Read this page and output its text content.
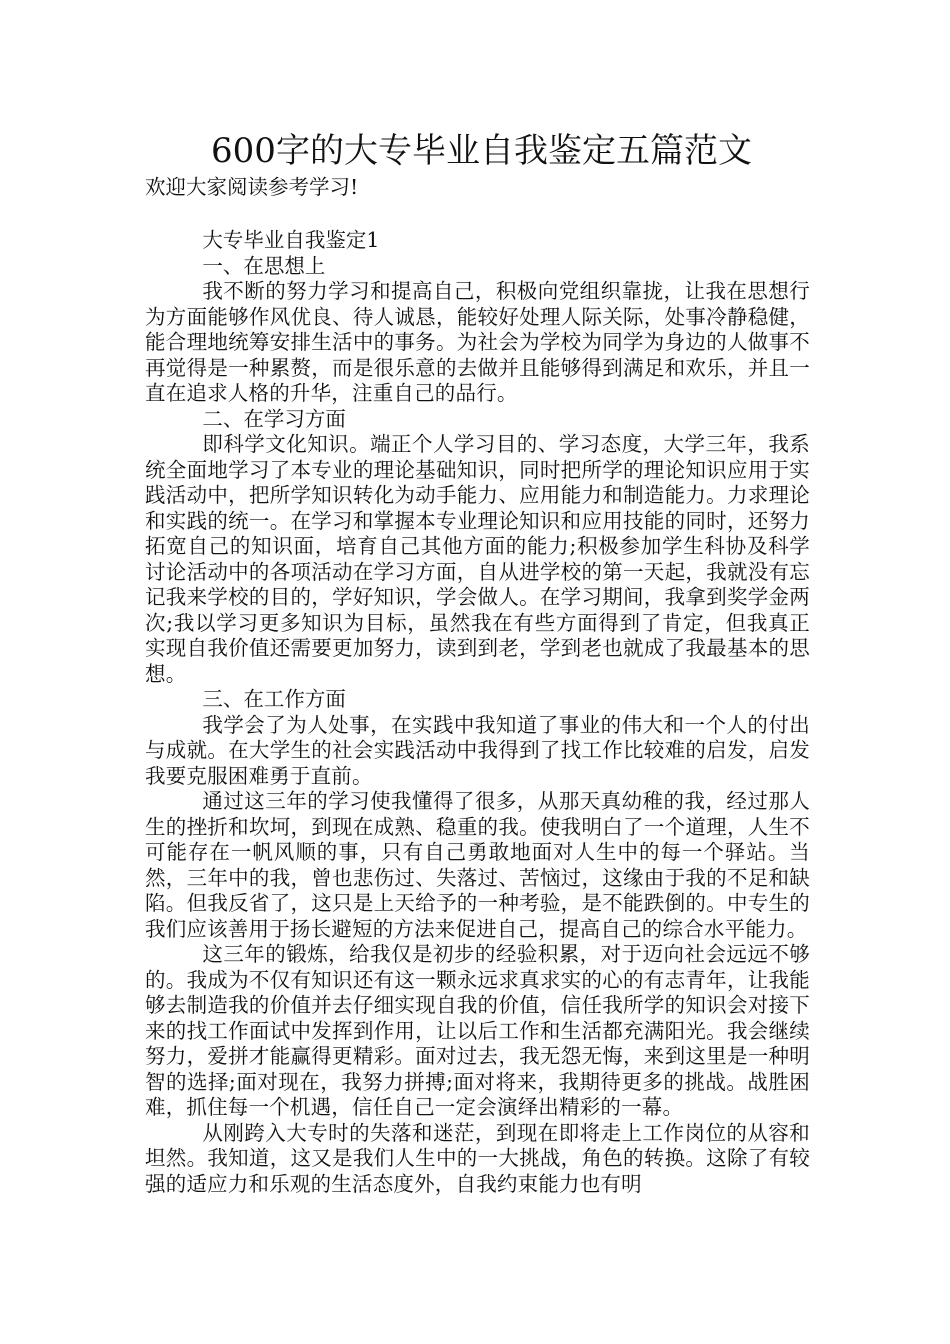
600字的大专毕业自我鉴定五篇范文

欢迎大家阅读参考学习!

大专毕业自我鉴定1

一、在思想上

我不断的努力学习和提高自己，积极向党组织靠拢，让我在思想行为方面能够作风优良、待人诚恳，能较好处理人际关际，处事冷静稳健，能合理地统筹安排生活中的事务。为社会为学校为同学为身边的人做事不再觉得是一种累赘，而是很乐意的去做并且能够得到满足和欢乐，并且一直在追求人格的升华，注重自己的品行。

二、在学习方面

即科学文化知识。端正个人学习目的、学习态度，大学三年，我系统全面地学习了本专业的理论基础知识，同时把所学的理论知识应用于实践活动中，把所学知识转化为动手能力、应用能力和制造能力。力求理论和实践的统一。在学习和掌握本专业理论知识和应用技能的同时，还努力拓宽自己的知识面，培育自己其他方面的能力;积极参加学生科协及科学讨论活动中的各项活动在学习方面，自从进学校的第一天起，我就没有忘记我来学校的目的，学好知识，学会做人。在学习期间，我拿到奖学金两次;我以学习更多知识为目标，虽然我在有些方面得到了肯定，但我真正实现自我价值还需要更加努力，读到到老，学到老也就成了我最基本的思想。

三、在工作方面

我学会了为人处事，在实践中我知道了事业的伟大和一个人的付出与成就。在大学生的社会实践活动中我得到了找工作比较难的启发，启发我要克服困难勇于直前。

通过这三年的学习使我懂得了很多，从那天真幼稚的我，经过那人生的挫折和坎坷，到现在成熟、稳重的我。使我明白了一个道理，人生不可能存在一帆风顺的事，只有自己勇敢地面对人生中的每一个驿站。当然，三年中的我，曾也悲伤过、失落过、苦恼过，这缘由于我的不足和缺陷。但我反省了，这只是上天给予的一种考验，是不能跌倒的。中专生的我们应该善用于扬长避短的方法来促进自己，提高自己的综合水平能力。

这三年的锻炼，给我仅是初步的经验积累，对于迈向社会远远不够的。我成为不仅有知识还有这一颗永远求真求实的心的有志青年，让我能够去制造我的价值并去仔细实现自我的价值，信任我所学的知识会对接下来的找工作面试中发挥到作用，让以后工作和生活都充满阳光。我会继续努力，爱拼才能赢得更精彩。面对过去，我无怨无悔，来到这里是一种明智的选择;面对现在，我努力拼搏;面对将来，我期待更多的挑战。战胜困难，抓住每一个机遇，信任自己一定会演绎出精彩的一幕。

从刚跨入大专时的失落和迷茫，到现在即将走上工作岗位的从容和坦然。我知道，这又是我们人生中的一大挑战，角色的转换。这除了有较强的适应力和乐观的生活态度外，自我约束能力也有明
